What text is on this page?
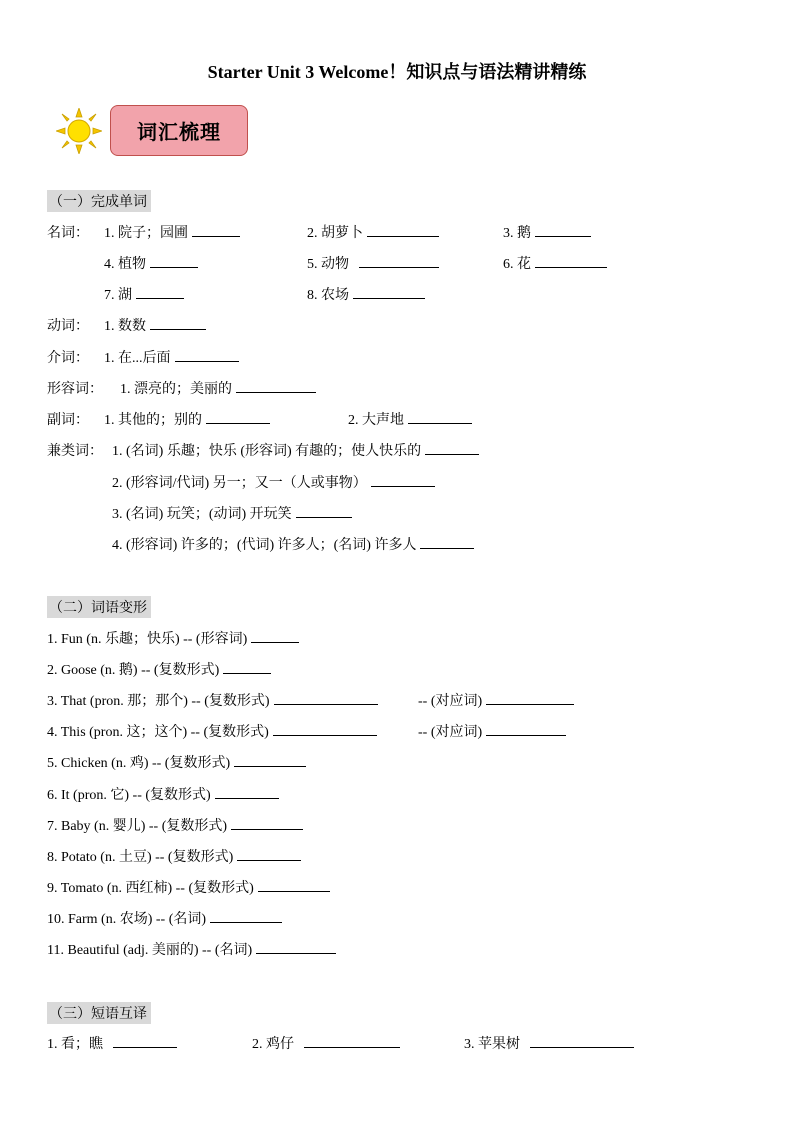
Starter Unit 3 Welcome！知识点与语法精讲精练
词汇梳理
（一）完成单词
名词： 1. 院子；园圃	2. 胡萝卜	3. 鹅
4. 植物	5. 动物	6. 花
7. 湖	8. 农场
动词： 1. 数数
介词： 1. 在...后面
形容词： 1. 漂亮的；美丽的
副词： 1. 其他的；别的	2. 大声地
兼类词： 1. (名词) 乐趣；快乐 (形容词) 有趣的；使人快乐的
2. (形容词/代词) 另一；又一（人或事物）
3. (名词) 玩笑；(动词) 开玩笑
4. (形容词) 许多的；(代词) 许多人；(名词) 许多人
（二）词语变形
1. Fun (n. 乐趣；快乐) -- (形容词)
2. Goose (n. 鹅) -- (复数形式)
3. That (pron. 那；那个) -- (复数形式)	-- (对应词)
4. This (pron. 这；这个) -- (复数形式)	-- (对应词)
5. Chicken (n. 鸡) -- (复数形式)
6. It (pron. 它) -- (复数形式)
7. Baby (n. 婴儿) -- (复数形式)
8. Potato (n. 土豆) -- (复数形式)
9. Tomato (n. 西红柿) -- (复数形式)
10. Farm (n. 农场) -- (名词)
11. Beautiful (adj. 美丽的) -- (名词)
（三）短语互译
1. 看；瞧	2. 鸡仔	3. 苹果树
